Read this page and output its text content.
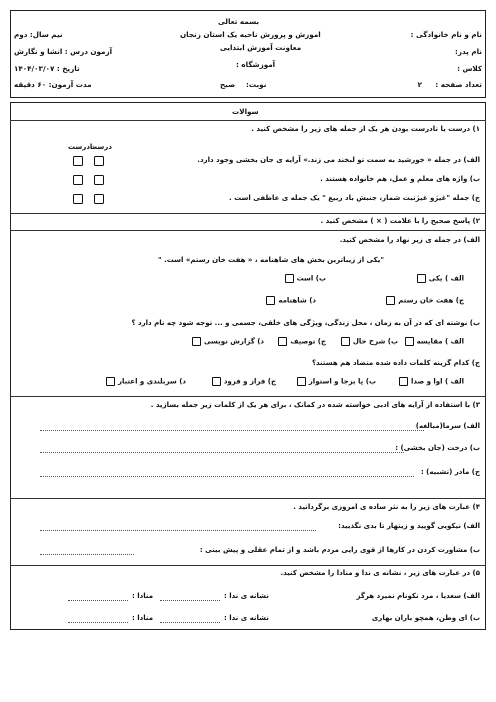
بسمه تعالی
اموزش و پرورش ناحیه یک استان زنجان
معاونت آموزش ابتدایی
آموزشگاه :
نام و نام خانوادگی :
نام پدر:
کلاس :
تعداد صفحه :
۲
نیم سال: دوم
آزمون درس : انشا و نگارش
تاریخ : ۱۴۰۴/۰۳/۰۷
مدت آزمون: ۶۰ دقیقه	نوبت:
صبح
سوالات
۱) درست یا نادرست بودن هر یک از جمله های زیر را مشخص کنید .
درست
نادرست
الف) در جمله « خورشید به سمت تو لبخند می زند.» آرایه ی جان بخشی وجود دارد.
ب) واژه های معلم و عمل، هم خانواده هستند .
ج) جمله "غیژو غیژنبت شمار، جنبش باد ربیع " یک جمله ی عاطفی است .
۲) پاسخ صحیح را با علامت ( × ) مشخص کنید .
الف) در جمله ی زیر نهاد را مشخص کنید.
"یکی از زیباترین بخش های شاهنامه ، « هفت خان رستم» است. "
الف ) یکی
ب) است
ج) هفت خان رستم
د) شاهنامه
ب) نوشته ای که در آن به زمان ، محل زندگی، ویژگی های خلقی، جسمی و ... توجه شود چه نام دارد ؟
الف ) مقایسه
ب) شرح حال
ج) توصیف
د) گزارش نویسی
ج) کدام گزینه کلمات داده شده متضاد هم هستند؟
الف ) اوا و صدا
ب) پا برجا و استوار
ج) فراز و فرود
د) سربلندی و اعتبار
۳) با استفاده از آرایه های ادبی خواسته شده در کمانک ، برای هر یک از کلمات زیر جمله بسازید .
الف) سرما(مبالغه)
ب) درخت (جان بخشی) :
ج) مادر (تشبیه) :
۴) عبارت های زیر را به نثر ساده ی امروزی برگردانید .
الف) نیکویی گویید و زینهار تا بدی نگذیید:
ب) مشاورت کردن در کارها از قوی رایی مردم باشد و از تمام عقلی و پیش بینی :
۵) در عبارت های زیر ، نشانه ی ندا و منادا را مشخص کنید.
الف) سعدیا ، مرد نکونام نمیرد هرگز
نشانه ی ندا :
منادا :
ب) ای وطن، همچو باران بهاری
نشانه ی ندا :
منادا :
